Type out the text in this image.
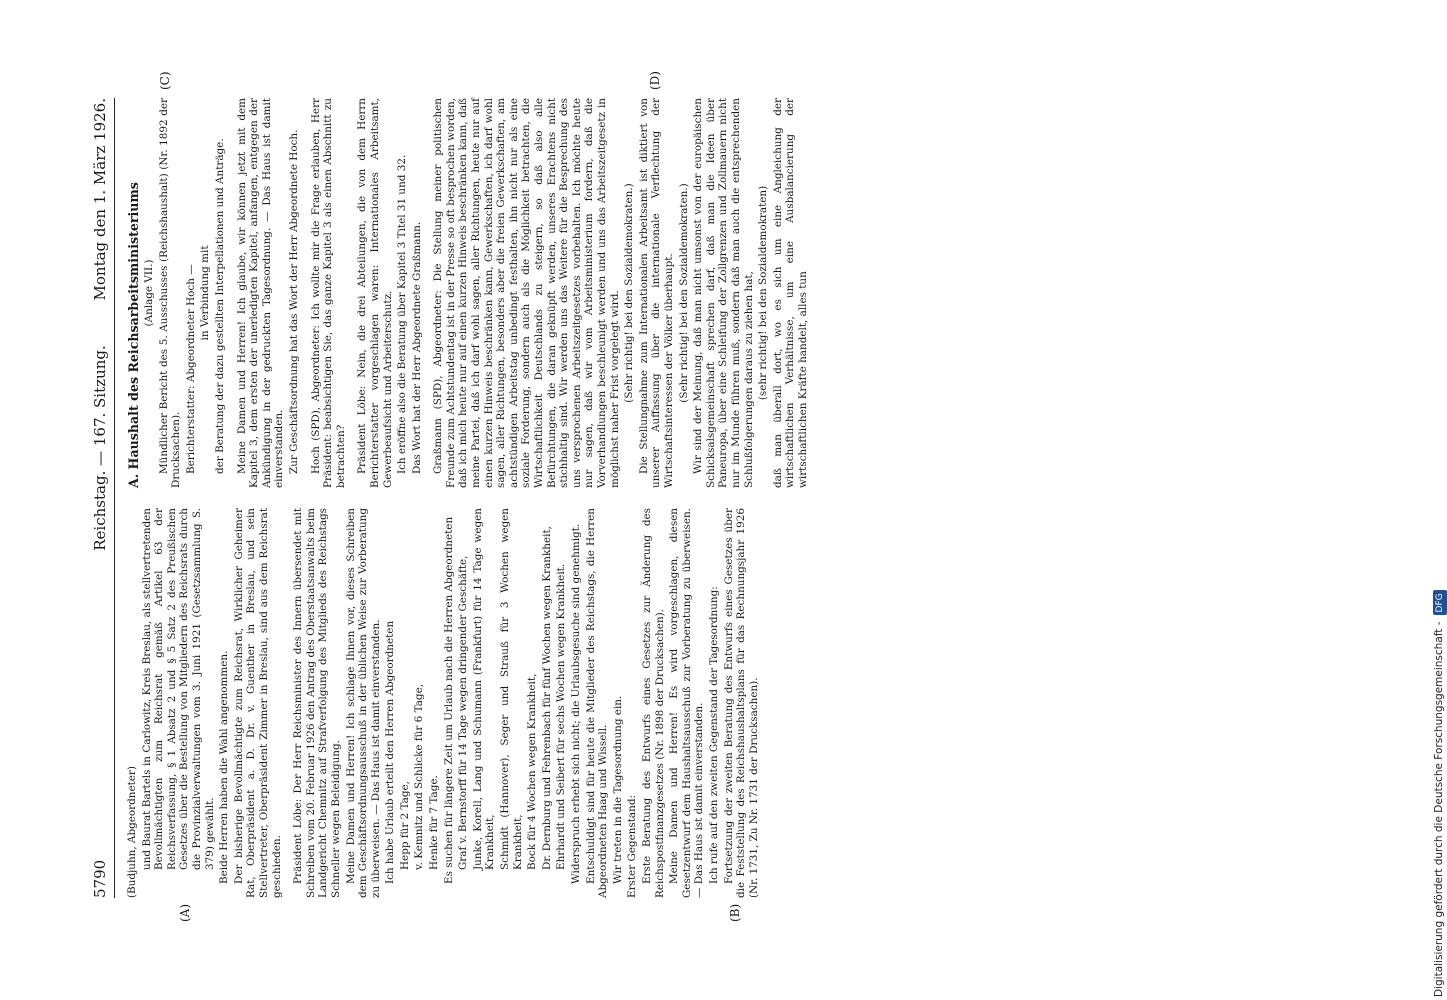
5790
Reichstag. — 167. Sitzung.
Montag den 1. März 1926.
(A)	(B)
(C)	(D)

(Budjuhn, Abgeordneter) und Baurat Bartels in Carlowitz, Kreis Breslau, als stellvertretenden Bevollmächtigten zum Reichsrat gemäß Artikel 63 der Reichsverfassung, § 1 Absatz 2 und § 5 Satz 2 des Preußischen Gesetzes über die Bestellung von Mitgliedern des Reichsrats durch die Provinzialverwaltungen vom 3. Juni 1921 (Gesetzsammlung S. 379) gewählt. Beide Herren haben die Wahl angenommen. Der bisherige Bevollmächtigte zum Reichsrat, Wirklicher Geheimer Rat, Oberpräsident a. D. Dr. v. Guenther in Breslau, und sein Stellvertreter, Oberpräsident Zimmer in Breslau, sind aus dem Reichsrat geschieden. Präsident Löbe: Der Herr Reichsminister des Innern übersendet mit Schreiben vom 20. Februar 1926 den Antrag des Oberstaatsanwalts beim Landgericht Chemnitz auf Strafverfolgung des Mitglieds des Reichstags Schneller wegen Beleidigung. Meine Damen und Herren! Ich schlage Ihnen vor, dieses Schreiben dem Geschäftsordnungsausschuß in der üblichen Weise zur Vorberatung zu überweisen. — Das Haus ist damit einverstanden. Ich habe Urlaub erteilt den Herren Abgeordneten Hepp für 2 Tage, v. Kemnitz und Schlicke für 6 Tage, Henke für 7 Tage. Es suchen für längere Zeit um Urlaub nach die Herren Abgeordneten Graf v. Bernstorff für 14 Tage wegen dringender Geschäfte, Junke, Korell, Lang und Schumann (Frankfurt) für 14 Tage wegen Krankheit, Schmidt (Hannover), Seger und Strauß für 3 Wochen wegen Krankheit, Bock für 4 Wochen wegen Krankheit, Dr. Dernburg und Fehrenbach für fünf Wochen wegen Krankheit, Ehrhardt und Seibert für sechs Wochen wegen Krankheit. Widerspruch erhebt sich nicht; die Urlaubsgesuche sind genehmigt. Entschuldigt sind für heute die Mitglieder des Reichstags, die Herren Abgeordneten Haag und Wissell. Wir treten in die Tagesordnung ein. Erster Gegenstand: Erste Beratung des Entwurfs eines Gesetzes zur Änderung des Reichspostfinanzgesetzes (Nr. 1898 der Drucksachen). Meine Damen und Herren! Es wird vorgeschlagen, diesen Gesetzentwurf dem Haushaltsausschuß zur Vorberatung zu überweisen. — Das Haus ist damit einverstanden. Ich rufe auf den zweiten Gegenstand der Tagesordnung: Fortsetzung der zweiten Beratung des Entwurfs eines Gesetzes über die Feststellung des Reichshaushaltsplans für das Rechnungsjahr 1926 (Nr. 1731, Zu Nr. 1731 der Drucksachen).

A. Haushalt des Reichsarbeitsministeriums (Anlage VII.) Mündlicher Bericht des 5. Ausschusses (Reichshaushalt) (Nr. 1892 der Drucksachen). Berichterstatter: Abgeordneter Hoch — in Verbindung mit der Beratung der dazu gestellten Interpellationen und Anträge. Meine Damen und Herren! Ich glaube, wir können jetzt mit dem Kapitel 3, dem ersten der unerledigten Kapitel, anfangen, entgegen der Ankündigung in der gedruckten Tagesordnung. — Das Haus ist damit einverstanden. Zur Geschäftsordnung hat das Wort der Herr Abgeordnete Hoch. Hoch (SPD), Abgeordneter: Ich wollte mir die Frage erlauben, Herr Präsident: beabsichtigen Sie, das ganze Kapitel 3 als einen Abschnitt zu betrachten? Präsident Löbe: Nein, die drei Abteilungen, die von dem Herrn Berichterstatter vorgeschlagen waren: Internationales Arbeitsamt, Gewerbeaufsicht und Arbeiterschutz. Ich eröffne also die Beratung über Kapitel 3 Titel 31 und 32. Das Wort hat der Herr Abgeordnete Graßmann. Graßmann (SPD), Abgeordneter: Die Stellung meiner politischen Freunde zum Achtstundentag ist in der Presse so oft besprochen worden, daß ich mich heute nur auf einen kurzen Hinweis beschränken kann, daß meine Partei, daß ich darf wohl sagen, aller Richtungen, heute nur auf einen kurzen Hinweis beschränken kann, Gewerkschaften, ich darf wohl sagen, aller Richtungen, besonders aber die freien Gewerkschaften, am achtstündigen Arbeitstag unbedingt festhalten, ihn nicht nur als eine soziale Forderung, sondern auch als die Möglichkeit betrachten, die Wirtschaftlichkeit Deutschlands zu steigern, so daß also alle Befürchtungen, die daran geknüpft werden, unseres Erachtens nicht stichhaltig sind. Wir werden uns das Weitere für die Besprechung des uns versprochenen Arbeitszeitgesetzes vorbehalten. Ich möchte heute nur sagen, daß wir vom Arbeitsministerium fordern, daß die Vorverhandlungen beschleunigt werden und uns das Arbeitszeitgesetz in möglichst naher Frist vorgelegt wird. (Sehr richtig! bei den Sozialdemokraten.) Die Stellungnahme zum Internationalen Arbeitsamt ist diktiert von unserer Auffassung über die internationale Verflechtung der Wirtschaftsinteressen der Völker überhaupt. (Sehr richtig! bei den Sozialdemokraten.) Wir sind der Meinung, daß man nicht umsonst von der europäischen Schicksalsgemeinschaft sprechen darf, daß man die Ideen über Paneuropa, über eine Schleifung der Zollgrenzen und Zollmauern nicht nur im Munde führen muß, sondern daß man auch die entsprechenden Schlußfolgerungen daraus zu ziehen hat, (sehr richtig! bei den Sozialdemokraten) daß man überall dort, wo es sich um eine Angleichung der wirtschaftlichen Verhältnisse, um eine Ausbalancierung der wirtschaftlichen Kräfte handelt, alles tun

Digitalisierung gefördert durch die Deutsche Forschungsgemeinschaft -DFG
